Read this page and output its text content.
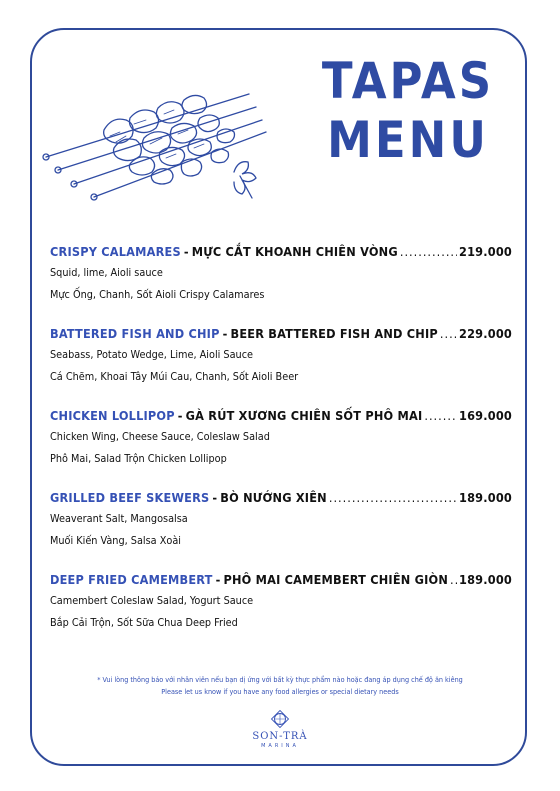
TAPAS
MENU
CRISPY CALAMARES - MỰC CẮT KHOANH CHIÊN VÒNG .....	219.000
Squid, lime, Aioli sauce
Mực Ống, Chanh, Sốt Aioli Crispy Calamares
BATTERED FISH AND CHIP - BEER BATTERED FISH AND CHIP ..... 229.000
Seabass, Potato Wedge, Lime, Aioli Sauce
Cá Chẽm, Khoai Tây Múi Cau, Chanh, Sốt Aioli Beer
CHICKEN LOLLIPOP - GÀ RÚT XƯƠNG CHIÊN SỐT PHÔ MAI .....	169.000
Chicken Wing, Cheese Sauce, Coleslaw Salad
Phô Mai, Salad Trộn Chicken Lollipop
GRILLED BEEF SKEWERS - BÒ NƯỚNG XIÊN .....	189.000
Weaverant Salt, Mangosalsa
Muối Kiến Vàng, Salsa Xoài
DEEP FRIED CAMEMBERT - PHÔ MAI CAMEMBERT CHIÊN GIÒN ..... 189.000
Camembert Coleslaw Salad, Yogurt Sauce
Bắp Cải Trộn, Sốt Sữa Chua Deep Fried
* Vui lòng thông báo với nhân viên nếu bạn dị ứng với bất kỳ thực phẩm nào hoặc đang áp dụng chế độ ăn kiêng
Please let us know if you have any food allergies or special dietary needs
SON-TRÀ
MARINA
